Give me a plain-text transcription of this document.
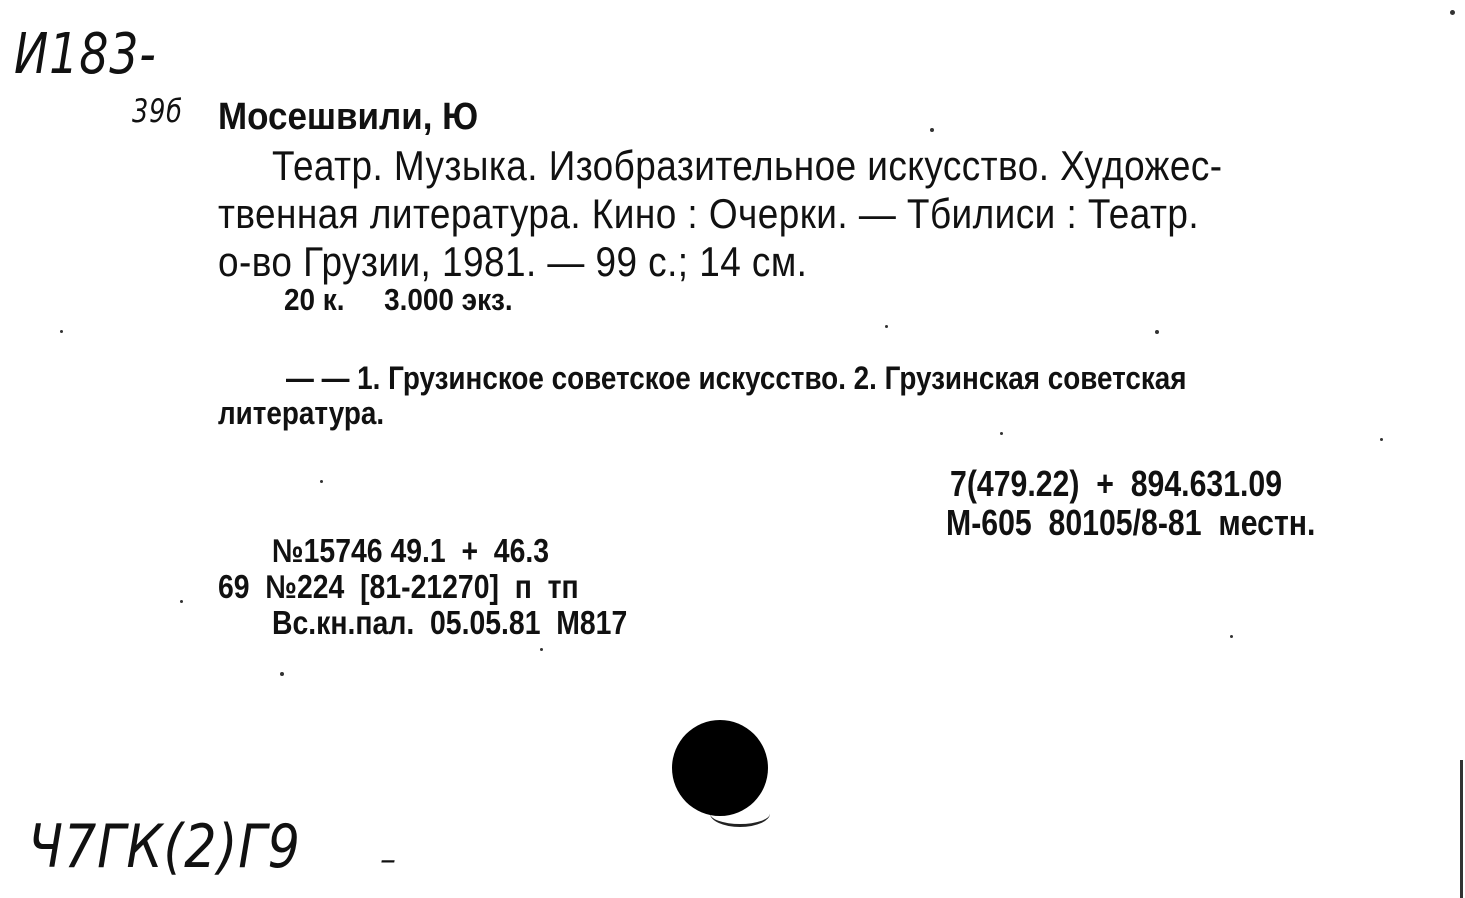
И183-
39б Мосешвили, Ю
Театр. Музыка. Изобразительное искусство. Художес-
твенная литература. Кино : Очерки. — Тбилиси : Театр.
о-во Грузии, 1981. — 99 с.; 14 см.
20 к. 3.000 экз.
— — 1. Грузинское советское искусство. 2. Грузинская советская
литература.
7(479.22)  +  894.631.09
М-605  80105/8-81  местн.
№15746 49.1  +  46.3
69  №224  [81-21270]  п  тп
Вс.кн.пал.  05.05.81  М817
Ч7ГК(2)Г9 –
